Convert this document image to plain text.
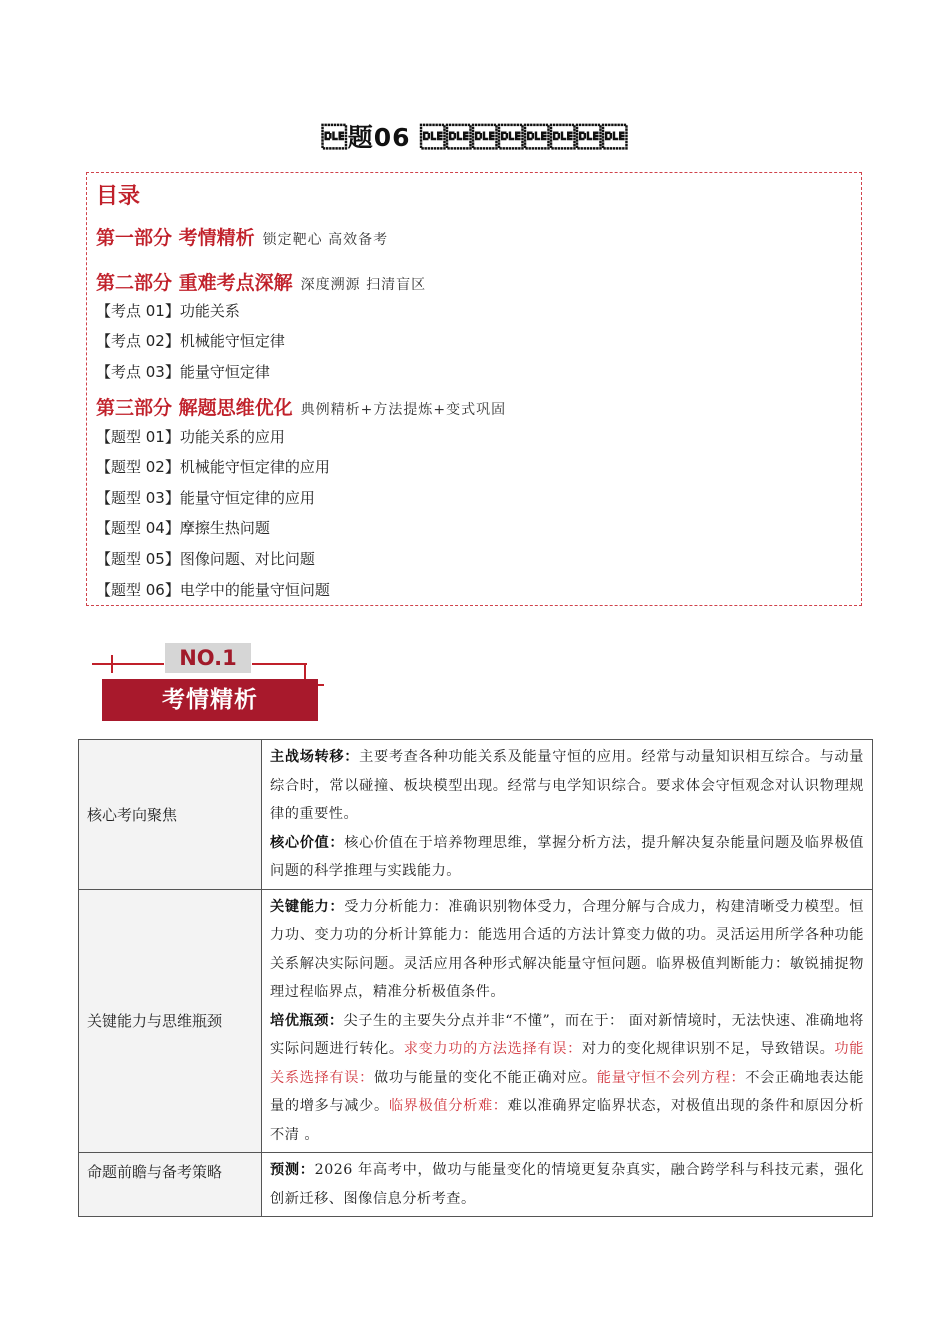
题06 
目录
第一部分 考情精析 锁定靶心 高效备考
第二部分 重难考点深解 深度溯源 扫清盲区
【考点 01】功能关系
【考点 02】机械能守恒定律
【考点 03】能量守恒定律
第三部分 解题思维优化 典例精析+方法提炼+变式巩固
【题型 01】功能关系的应用
【题型 02】机械能守恒定律的应用
【题型 03】能量守恒定律的应用
【题型 04】摩擦生热问题
【题型 05】图像问题、对比问题
【题型 06】电学中的能量守恒问题
NO.1
考情精析
核心考向聚焦	主战场转移：主要考查各种功能关系及能量守恒的应用。经常与动量知识相互综合。与动量综合时，常以碰撞、板块模型出现。经常与电学知识综合。要求体会守恒观念对认识物理规律的重要性。

核心价值：核心价值在于培养物理思维，掌握分析方法，提升解决复杂能量问题及临界极值问题的科学推理与实践能力。

关键能力与思维瓶颈	关键能力：受力分析能力：准确识别物体受力，合理分解与合成力，构建清晰受力模型。恒力功、变力功的分析计算能力：能选用合适的方法计算变力做的功。灵活运用所学各种功能关系解决实际问题。灵活应用各种形式解决能量守恒问题。临界极值判断能力：敏锐捕捉物理过程临界点，精准分析极值条件。

培优瓶颈：尖子生的主要失分点并非“不懂”，而在于： 面对新情境时，无法快速、准确地将实际问题进行转化。求变力功的方法选择有误：对力的变化规律识别不足，导致错误。功能关系选择有误：做功与能量的变化不能正确对应。能量守恒不会列方程：不会正确地表达能量的增多与减少。临界极值分析难：难以准确界定临界状态，对极值出现的条件和原因分析不清 。

命题前瞻与备考策略	预测：2026 年高考中，做功与能量变化的情境更复杂真实，融合跨学科与科技元素，强化创新迁移、图像信息分析考查。
